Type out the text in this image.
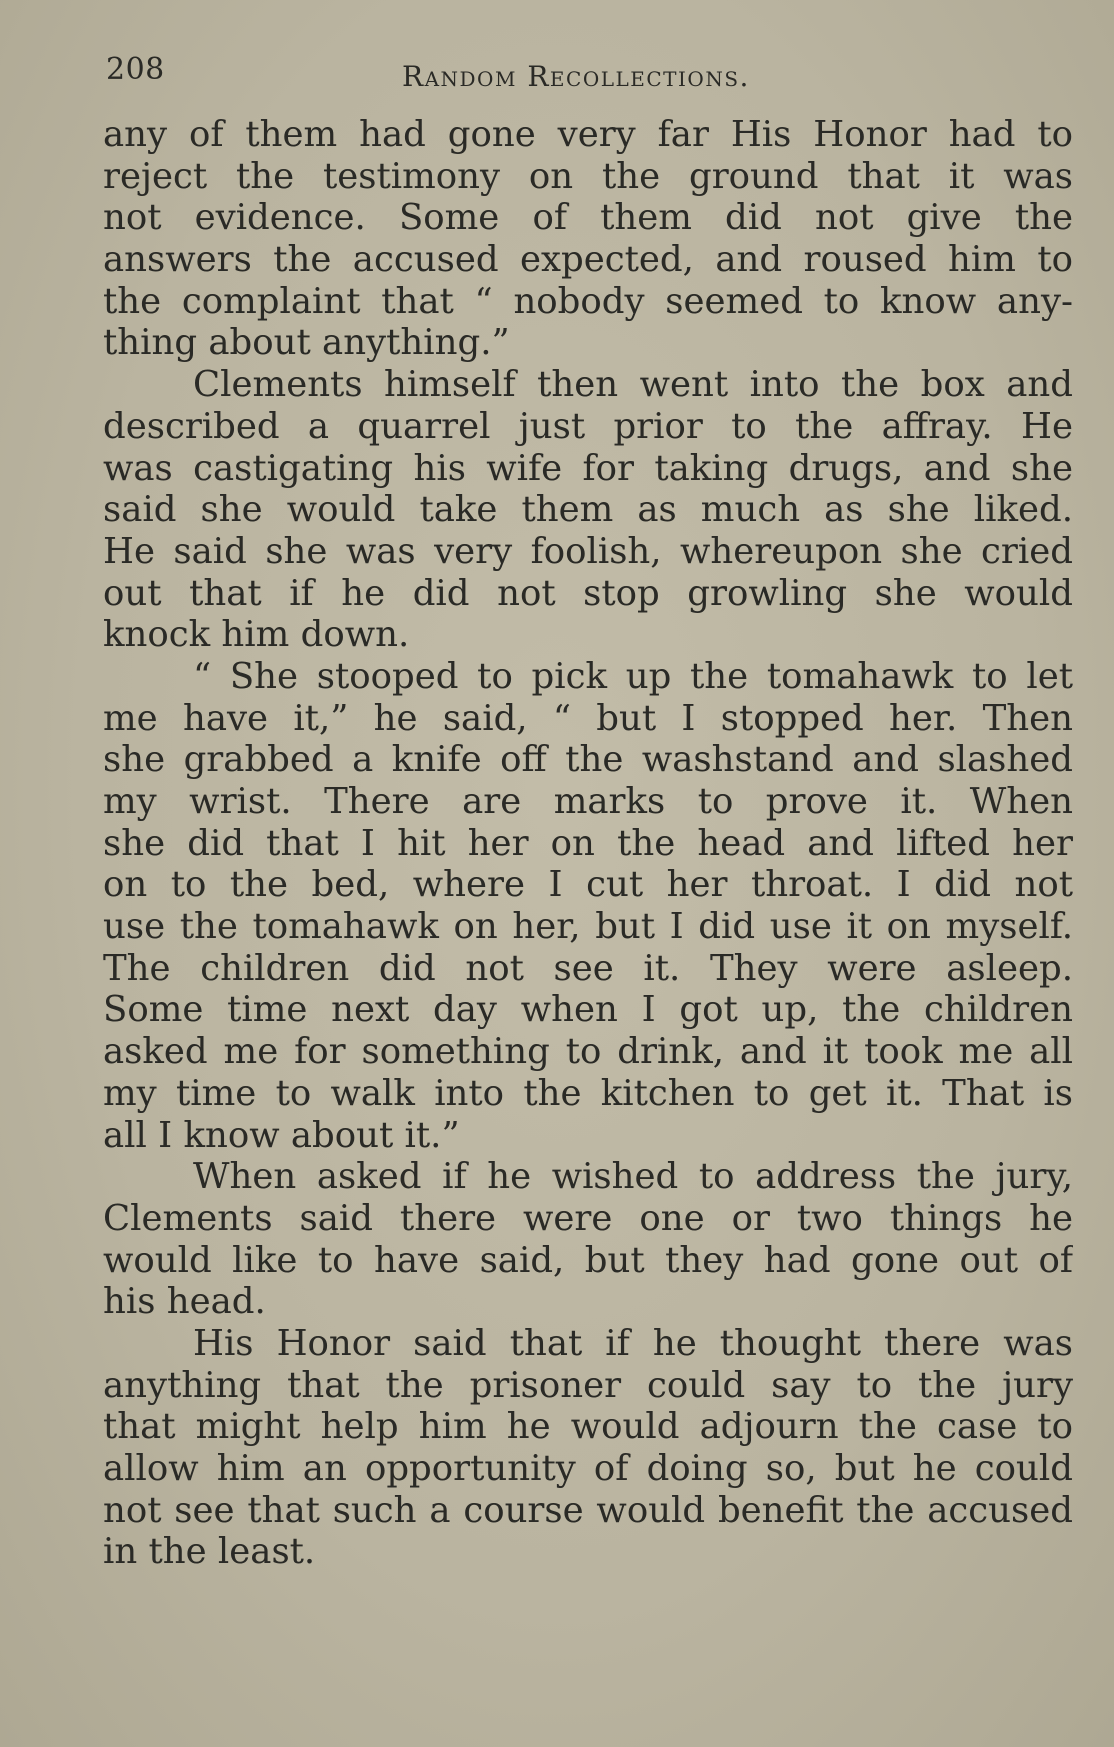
208	Random Recollections.
any of them had gone very far His Honor had to
reject the testimony on the ground that it was
not evidence. Some of them did not give the
answers the accused expected, and roused him to
the complaint that “ nobody seemed to know any-
thing about anything.”
Clements himself then went into the box and
described a quarrel just prior to the affray. He
was castigating his wife for taking drugs, and she
said she would take them as much as she liked.
He said she was very foolish, whereupon she cried
out that if he did not stop growling she would
knock him down.
“ She stooped to pick up the tomahawk to let
me have it,” he said, “ but I stopped her. Then
she grabbed a knife off the washstand and slashed
my wrist. There are marks to prove it. When
she did that I hit her on the head and lifted her
on to the bed, where I cut her throat. I did not
use the tomahawk on her, but I did use it on myself.
The children did not see it. They were asleep.
Some time next day when I got up, the children
asked me for something to drink, and it took me all
my time to walk into the kitchen to get it. That is
all I know about it.”
When asked if he wished to address the jury,
Clements said there were one or two things he
would like to have said, but they had gone out of
his head.
His Honor said that if he thought there was
anything that the prisoner could say to the jury
that might help him he would adjourn the case to
allow him an opportunity of doing so, but he could
not see that such a course would benefit the accused
in the least.
